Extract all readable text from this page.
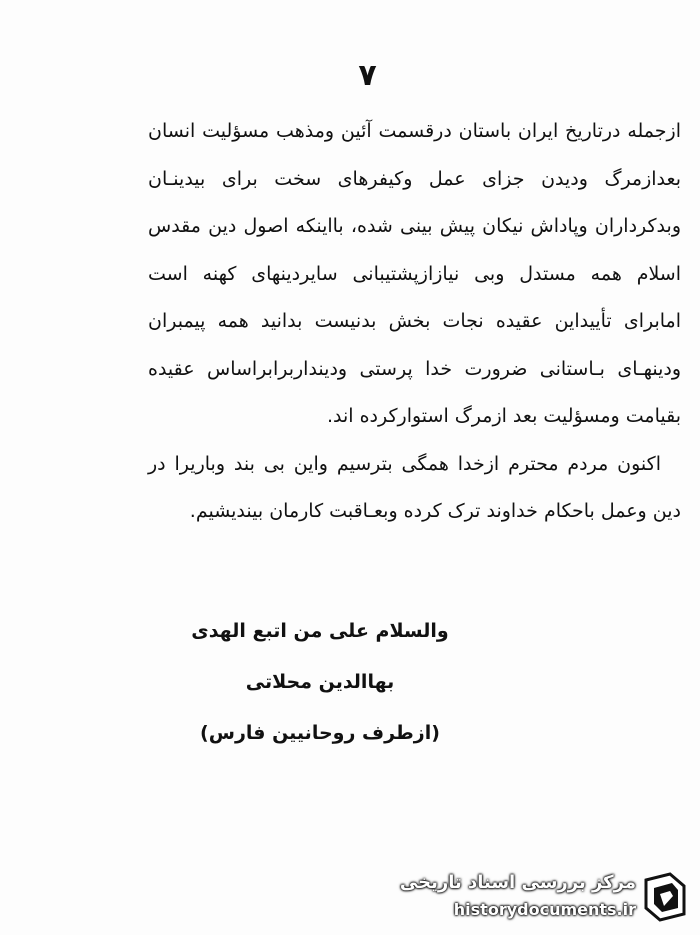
۷

ازجمله درتاریخ ایران باستان درقسمت آئین ومذهب مسؤلیت انسان بعدازمرگ ودیدن جزای عمل وکیفرهای سخت برای بیدینـان وبدکرداران وپاداش نیکان پیش بینی شده، بااینکه اصول دین مقدس اسلام همه مستدل وبی نیازازپشتیبانی سایردینهای کهنه است امابرای تأییداین عقیده نجات بخش بدنیست بدانید همه پیمبران ودینهـای بـاستانی ضرورت خدا پرستی ودینداربرابراساس عقیده بقیامت ومسؤلیت بعد ازمرگ استوارکرده اند.

اکنون مردم محترم ازخدا همگی بترسیم واین بی بند وباریرا در دین وعمل باحکام خداوند ترک کرده وبعـاقبت کارمان بیندیشیم.

والسلام علی من اتبع الهدی
بهاالدین محلاتی
(ازطرف روحانیین فارس)
مرکز بررسی اسناد تاریخی
historydocuments.ir
